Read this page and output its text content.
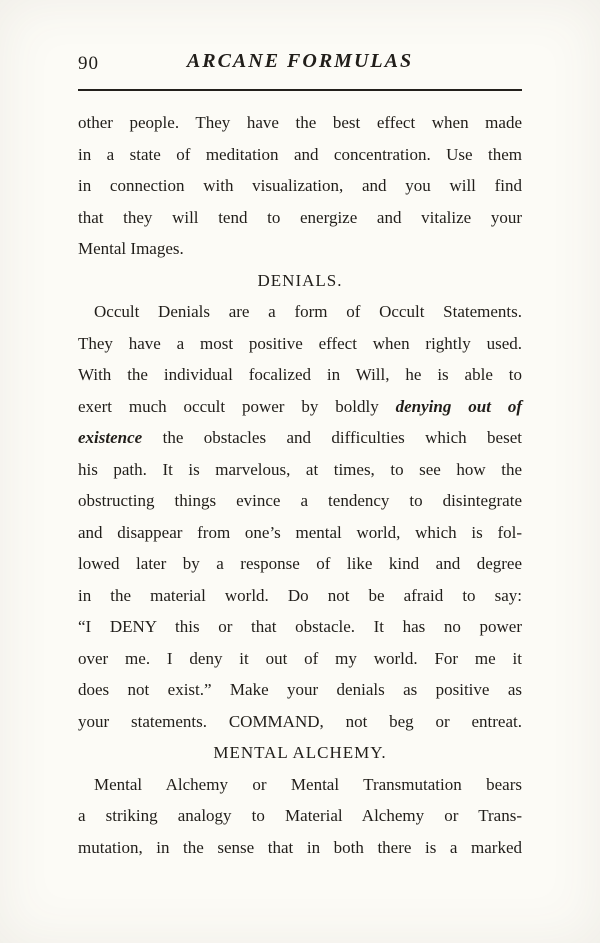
90	ARCANE FORMULAS
other people. They have the best effect when made
in a state of meditation and concentration. Use them
in connection with visualization, and you will find
that they will tend to energize and vitalize your
Mental Images.
DENIALS.
Occult Denials are a form of Occult Statements.
They have a most positive effect when rightly used.
With the individual focalized in Will, he is able to
exert much occult power by boldly denying out of
existence the obstacles and difficulties which beset
his path. It is marvelous, at times, to see how the
obstructing things evince a tendency to disintegrate
and disappear from one’s mental world, which is fol-
lowed later by a response of like kind and degree
in the material world. Do not be afraid to say:
“I DENY this or that obstacle. It has no power
over me. I deny it out of my world. For me it
does not exist.” Make your denials as positive as
your statements. COMMAND, not beg or entreat.
MENTAL ALCHEMY.
Mental Alchemy or Mental Transmutation bears
a striking analogy to Material Alchemy or Trans-
mutation, in the sense that in both there is a marked
